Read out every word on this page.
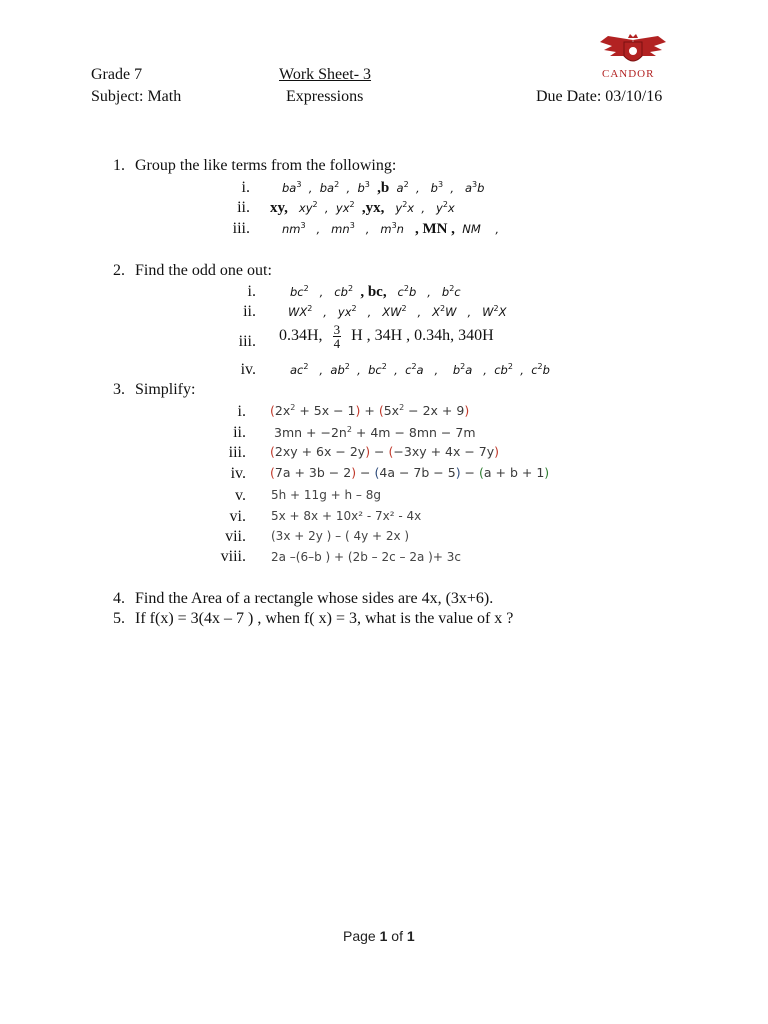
Grade 7	Work Sheet- 3
Subject: Math	Expressions	Due Date: 03/10/16
CANDOR
1. Group the like terms from the following:
i.	$ba^3$  ,  $ba^2$  ,  $b^3$ ,b  $a^2$  ,   $b^3$  ,   $a^3b$
ii. xy,   $xy^2$  ,  $yx^2$ ,yx,   $y^2x$  ,   $y^2x$
iii.	$nm^3$   ,   $mn^3$   ,   $m^3n$   , MN ,  NM    ,
2. Find the odd one out:
i.	$bc^2$   ,   $cb^2$ , bc,   $c^2b$   ,   $b^2c$
ii.	$WX^2$   ,   $yx^2$   ,   $XW^2$   ,   $X^2W$   ,   $W^2X$
iii. 0.34H, $\frac{3}{4}$ H , 34H , 0.34h, 340H
iv.	$ac^2$   ,  $ab^2$  ,  $bc^2$  ,  $c^2a$   ,    $b^2a$   ,  $cb^2$  ,  $c^2b$
3. Simplify:
i. $(2x^2 + 5x - 1) + (5x^2 - 2x + 9)$
ii. $3mn + -2n^2 + 4m - 8mn - 7m$
iii. (2xy + 6x − 2y) − (−3xy + 4x − 7y)
iv. (7a + 3b − 2) − (4a − 7b − 5) − (a + b + 1)
v. 5h + 11g + h – 8g
vi. 5x + 8x + 10x² - 7x² - 4x
vii. (3x + 2y ) – ( 4y + 2x )
viii. 2a –(6–b ) + (2b – 2c – 2a )+ 3c
4. Find the Area of a rectangle whose sides are 4x, (3x+6).
5. If f(x) = 3(4x – 7 ) , when f( x) = 3, what is the value of x ?
Page 1 of 1
